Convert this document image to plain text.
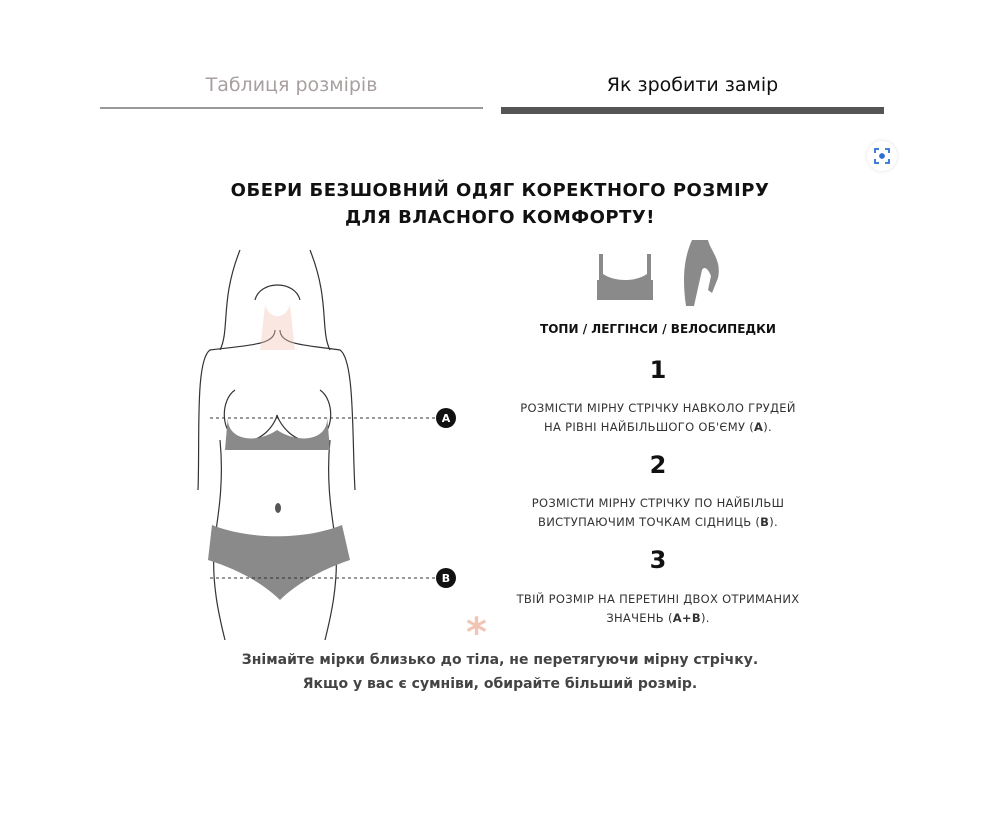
Таблиця розмірів	Як зробити замір
ОБЕРИ БЕЗШОВНИЙ ОДЯГ КОРЕКТНОГО РОЗМІРУ
ДЛЯ ВЛАСНОГО КОМФОРТУ!
A
B
*
ТОПИ / ЛЕГГІНСИ / ВЕЛОСИПЕДКИ
1
РОЗМІСТИ МІРНУ СТРІЧКУ НАВКОЛО ГРУДЕЙ
НА РІВНІ НАЙБІЛЬШОГО ОБ'ЄМУ (А).
2
РОЗМІСТИ МІРНУ СТРІЧКУ ПО НАЙБІЛЬШ
ВИСТУПАЮЧИМ ТОЧКАМ СІДНИЦЬ (В).
3
ТВІЙ РОЗМІР НА ПЕРЕТИНІ ДВОХ ОТРИМАНИХ
ЗНАЧЕНЬ (А+В).
Знімайте мірки близько до тіла, не перетягуючи мірну стрічку.
Якщо у вас є сумніви, обирайте більший розмір.
